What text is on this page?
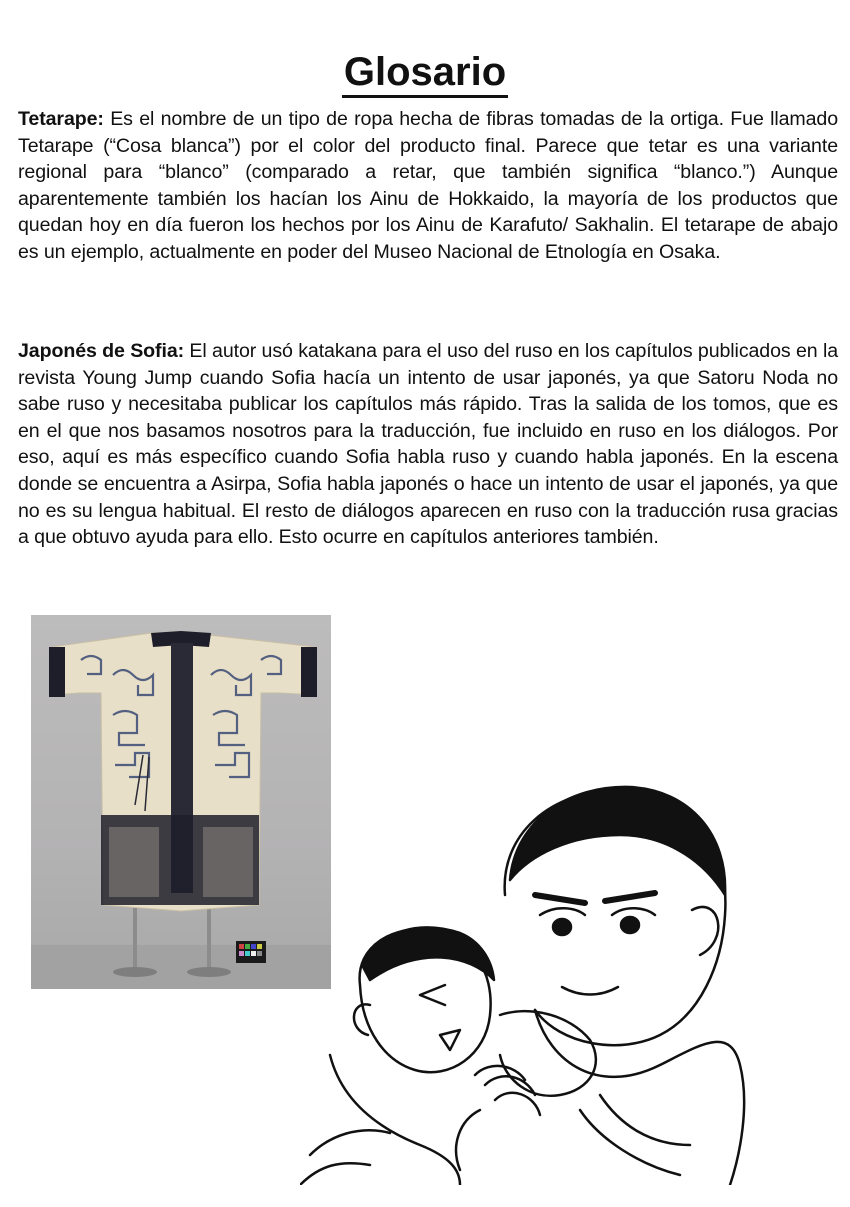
Glosario

Tetarape: Es el nombre de un tipo de ropa hecha de fibras tomadas de la ortiga. Fue llamado Tetarape (“Cosa blanca”) por el color del producto final. Parece que tetar es una variante regional para “blanco” (comparado a retar, que también significa “blanco.”) Aunque aparentemente también los hacían los Ainu de Hokkaido, la mayoría de los productos que quedan hoy en día fueron los hechos por los Ainu de Karafuto/ Sakhalin. El tetarape de abajo es un ejemplo, actualmente en poder del Museo Nacional de Etnología en Osaka.

Japonés de Sofia: El autor usó katakana para el uso del ruso en los capítulos publicados en la revista Young Jump cuando Sofia hacía un intento de usar japonés, ya que Satoru Noda no sabe ruso y necesitaba publicar los capítulos más rápido. Tras la salida de los tomos, que es en el que nos basamos nosotros para la traducción, fue incluido en ruso en los diálogos. Por eso, aquí es más específico cuando Sofia habla ruso y cuando habla japonés. En la escena donde se encuentra a Asirpa, Sofia habla japonés o hace un intento de usar el japonés, ya que no es su lengua habitual. El resto de diálogos aparecen en ruso con la traducción rusa gracias a que obtuvo ayuda para ello. Esto ocurre en capítulos anteriores también.
